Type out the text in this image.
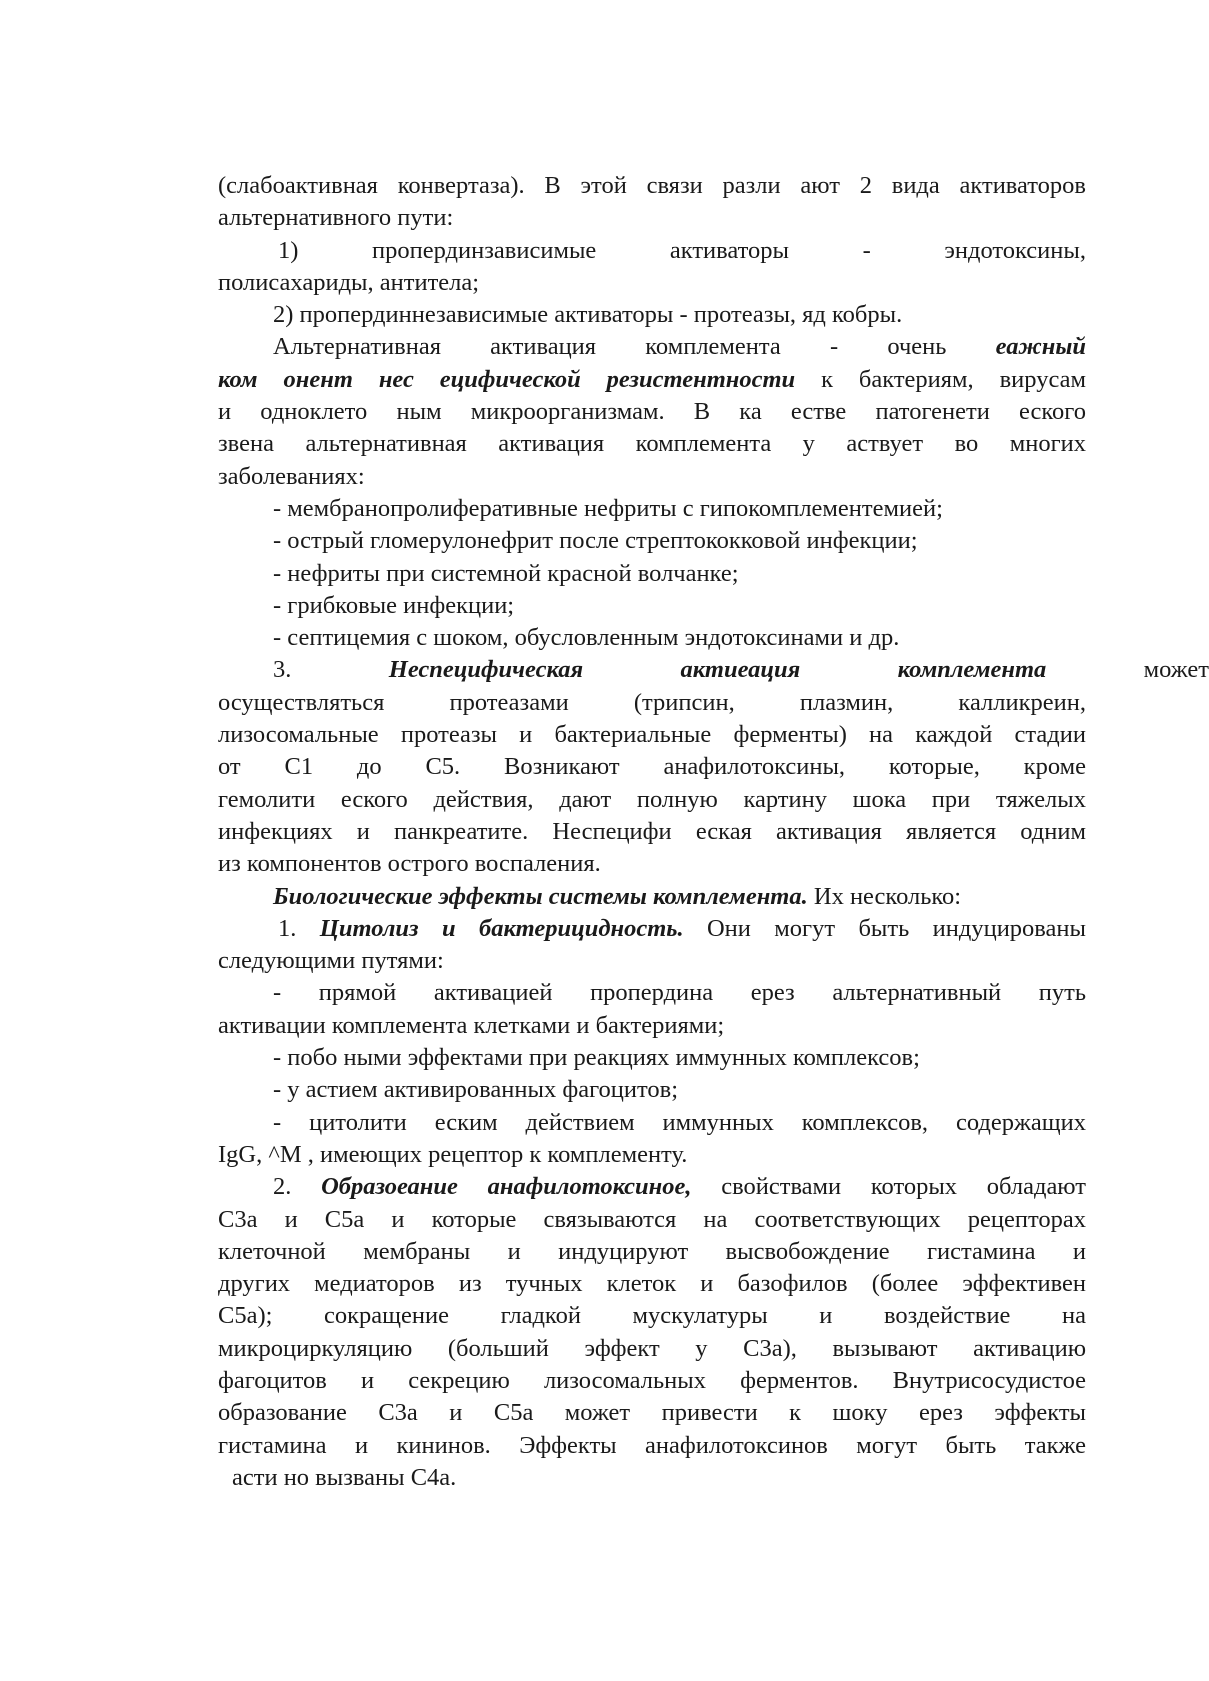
(слабоактивная конвертаза). В этой связи разли ают 2 вида активаторов
альтернативного пути:
1) пропердинзависимые активаторы - эндотоксины,
полисахариды, антитела;
2) пропердиннезависимые активаторы - протеазы, яд кобры.
Альтернативная активация комплемента - очень еажный
ком онент нес ецифической резистентности к бактериям, вирусам
и одноклето ным микроорганизмам. В ка естве патогенети еского
звена альтернативная активация комплемента у аствует во многих
заболеваниях:
- мембранопролиферативные нефриты с гипокомплементемией;
- острый гломерулонефрит после стрептококковой инфекции;
- нефриты при системной красной волчанке;
- грибковые инфекции;
- септицемия с шоком, обусловленным эндотоксинами и др.
3. Неспецифическая актиеация комплемента может
осуществляться протеазами (трипсин, плазмин, калликреин,
лизосомальные протеазы и бактериальные ферменты) на каждой стадии
от С1 до С5. Возникают анафилотоксины, которые, кроме
гемолити еского действия, дают полную картину шока при тяжелых
инфекциях и панкреатите. Неспецифи еская активация является одним
из компонентов острого воспаления.
Биологические эффекты системы комплемента. Их несколько:
1. Цитолиз и бактерицидность. Они могут быть индуцированы
следующими путями:
- прямой активацией пропердина ерез альтернативный путь
активации комплемента клетками и бактериями;
- побо ными эффектами при реакциях иммунных комплексов;
- у астием активированных фагоцитов;
- цитолити еским действием иммунных комплексов, содержащих
IgG, ^М , имеющих рецептор к комплементу.
2. Образоеание анафилотоксиное, свойствами которых обладают
С3а и С5а и которые связываются на соответствующих рецепторах
клеточной мембраны и индуцируют высвобождение гистамина и
других медиаторов из тучных клеток и базофилов (более эффективен
С5а); сокращение гладкой мускулатуры и воздействие на
микроциркуляцию (больший эффект у С3а), вызывают активацию
фагоцитов и секрецию лизосомальных ферментов. Внутрисосудистое
образование С3а и С5а может привести к шоку ерез эффекты
гистамина и кининов. Эффекты анафилотоксинов могут быть также
асти но вызваны С4а.
